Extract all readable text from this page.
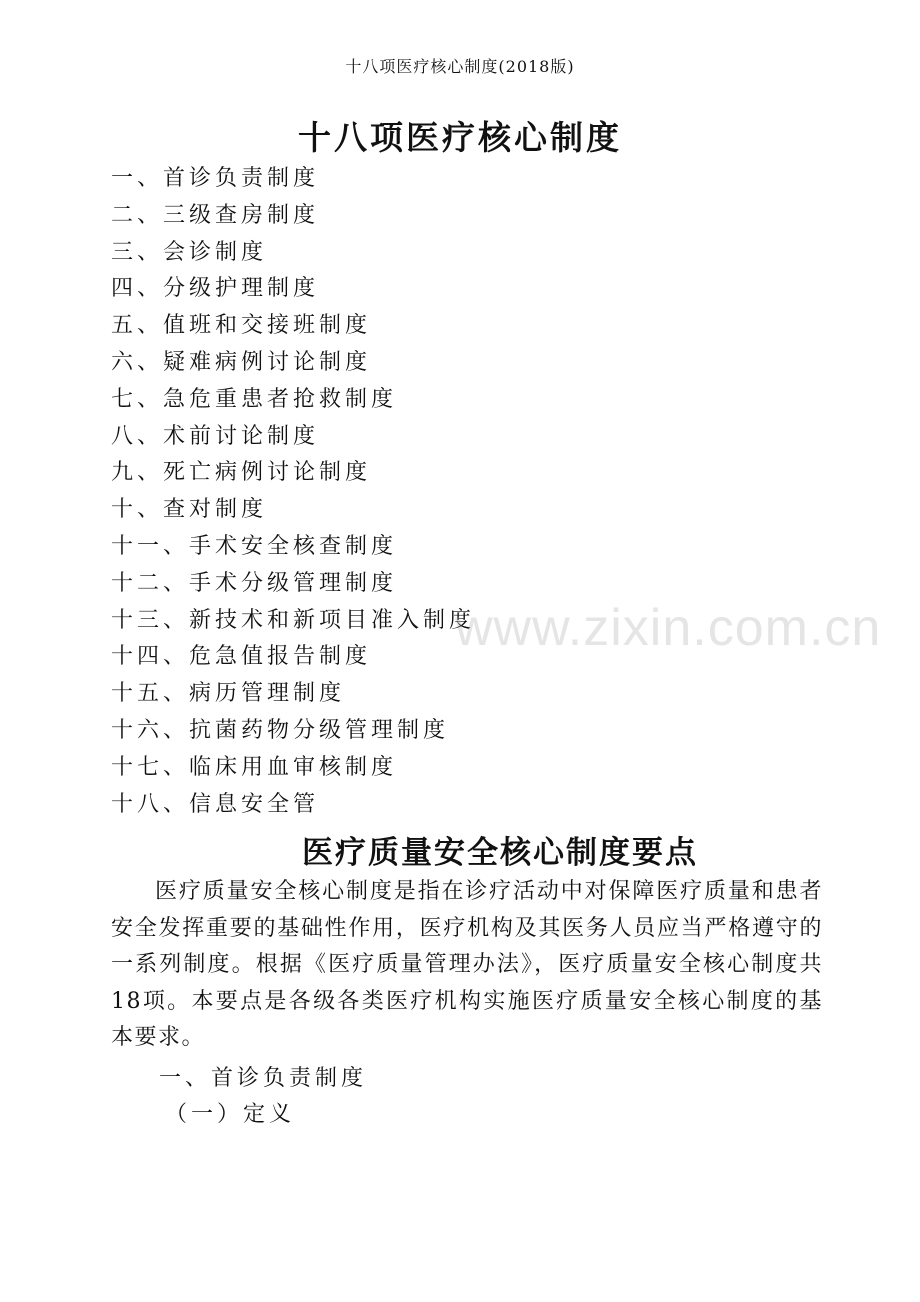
十八项医疗核心制度(2018版)
十八项医疗核心制度
一、首诊负责制度
二、三级查房制度
三、会诊制度
四、分级护理制度
五、值班和交接班制度
六、疑难病例讨论制度
七、急危重患者抢救制度
八、术前讨论制度
九、死亡病例讨论制度
十、查对制度
十一、手术安全核查制度
十二、手术分级管理制度
十三、新技术和新项目准入制度
十四、危急值报告制度
十五、病历管理制度
十六、抗菌药物分级管理制度
十七、临床用血审核制度
十八、信息安全管
医疗质量安全核心制度要点

医疗质量安全核心制度是指在诊疗活动中对保障医疗质量和患者安全发挥重要的基础性作用，医疗机构及其医务人员应当严格遵守的一系列制度。根据《医疗质量管理办法》，医疗质量安全核心制度共18项。本要点是各级各类医疗机构实施医疗质量安全核心制度的基本要求。

一、首诊负责制度
（一）定义
www.zixin.com.cn
